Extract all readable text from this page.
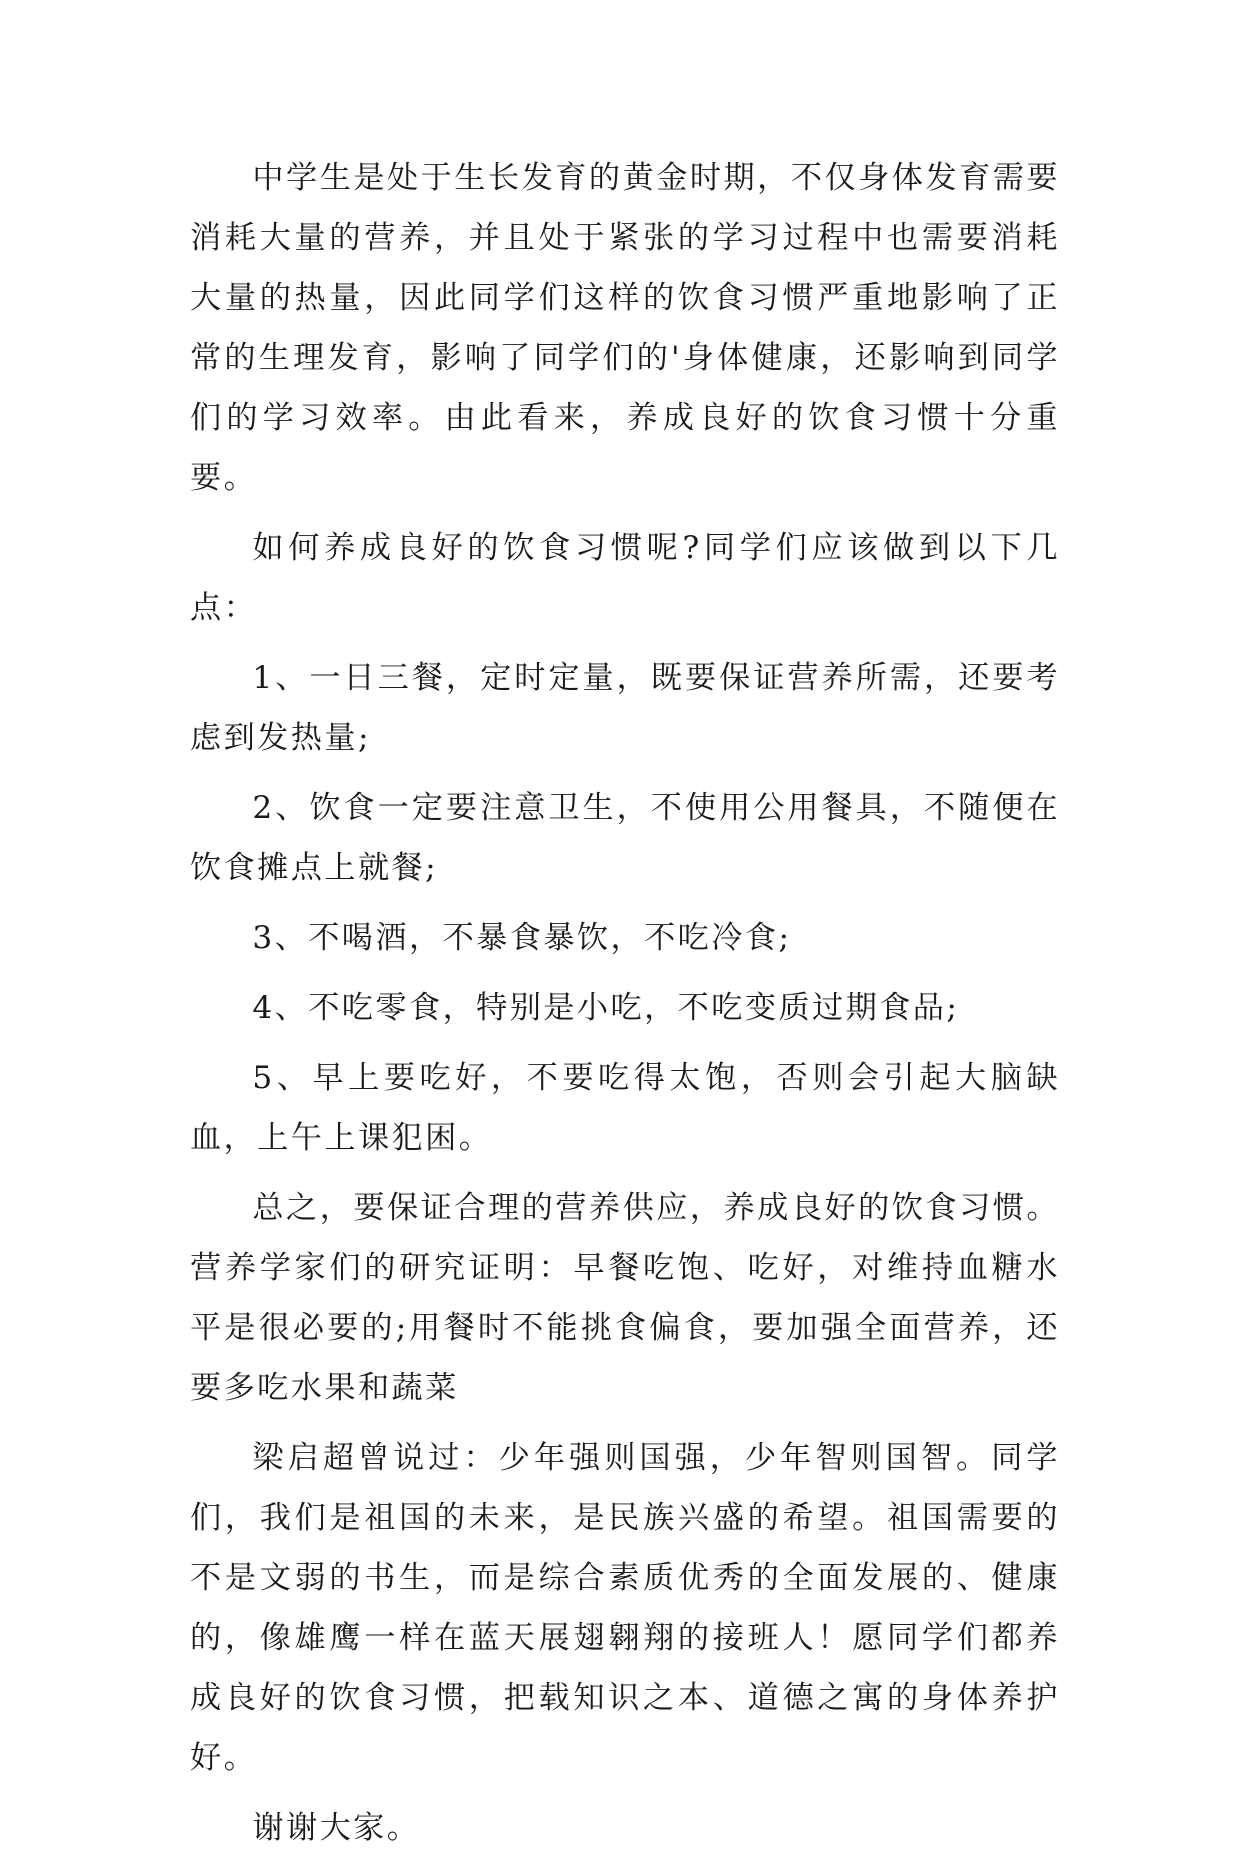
中学生是处于生长发育的黄金时期，不仅身体发育需要消耗大量的营养，并且处于紧张的学习过程中也需要消耗大量的热量，因此同学们这样的饮食习惯严重地影响了正常的生理发育，影响了同学们的'身体健康，还影响到同学们的学习效率。由此看来，养成良好的饮食习惯十分重要。

如何养成良好的饮食习惯呢?同学们应该做到以下几点：

1、一日三餐，定时定量，既要保证营养所需，还要考虑到发热量;

2、饮食一定要注意卫生，不使用公用餐具，不随便在饮食摊点上就餐;

3、不喝酒，不暴食暴饮，不吃冷食;

4、不吃零食，特别是小吃，不吃变质过期食品;

5、早上要吃好，不要吃得太饱，否则会引起大脑缺血，上午上课犯困。

总之，要保证合理的营养供应，养成良好的饮食习惯。营养学家们的研究证明：早餐吃饱、吃好，对维持血糖水平是很必要的;用餐时不能挑食偏食，要加强全面营养，还要多吃水果和蔬菜

梁启超曾说过：少年强则国强，少年智则国智。同学们，我们是祖国的未来，是民族兴盛的希望。祖国需要的不是文弱的书生，而是综合素质优秀的全面发展的、健康的，像雄鹰一样在蓝天展翅翱翔的接班人！愿同学们都养成良好的饮食习惯，把载知识之本、道德之寓的身体养护好。

谢谢大家。
